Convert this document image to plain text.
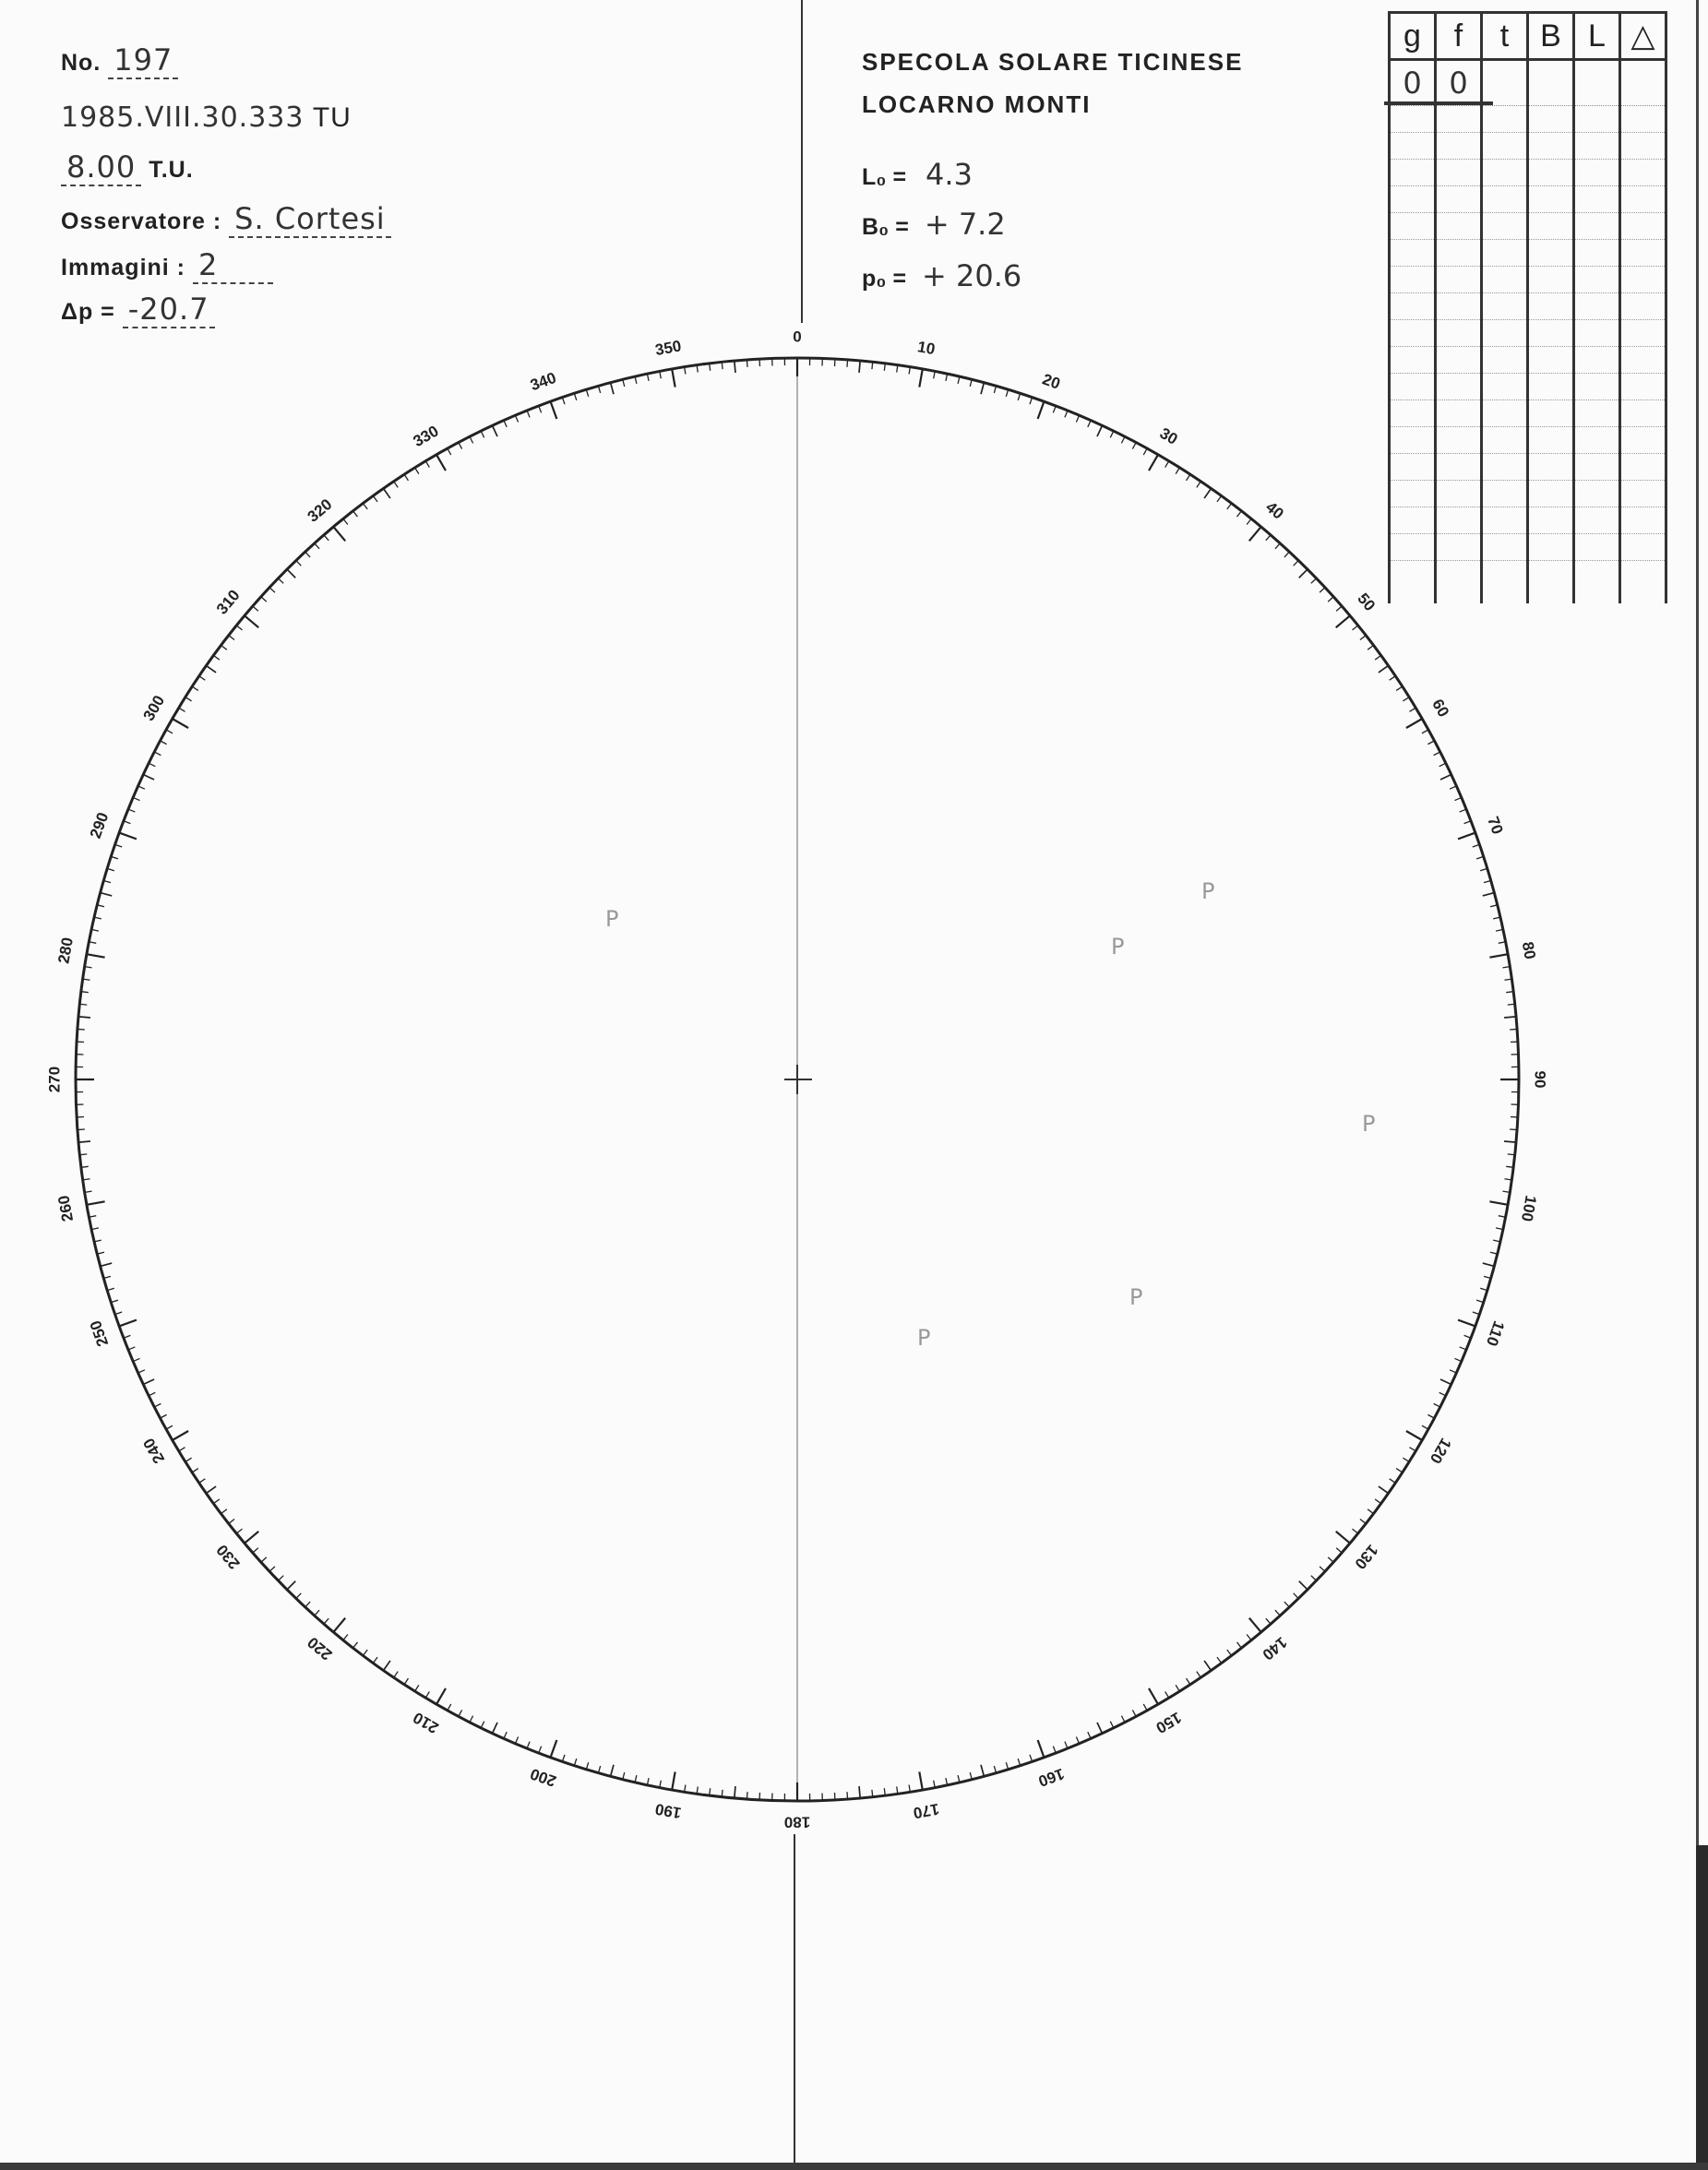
No. 197
1985.VIII.30.333 TU
8.00 T.U.
Osservatore : S. Cortesi
Immagini : 2
Δp = -20.7
SPECOLA SOLARE TICINESE
LOCARNO MONTI
L₀ = 4.3
B₀ = + 7.2
p₀ = + 20.6
g	f	t	B	L	△
0	0				

0
10
20
30
40
50
60
70
80
90
100
110
120
130
140
150
160
170
180
190
200
210
220
230
240
250
260
270
280
290
300
310
320
330
340
350
P
P
P
P
P
P
